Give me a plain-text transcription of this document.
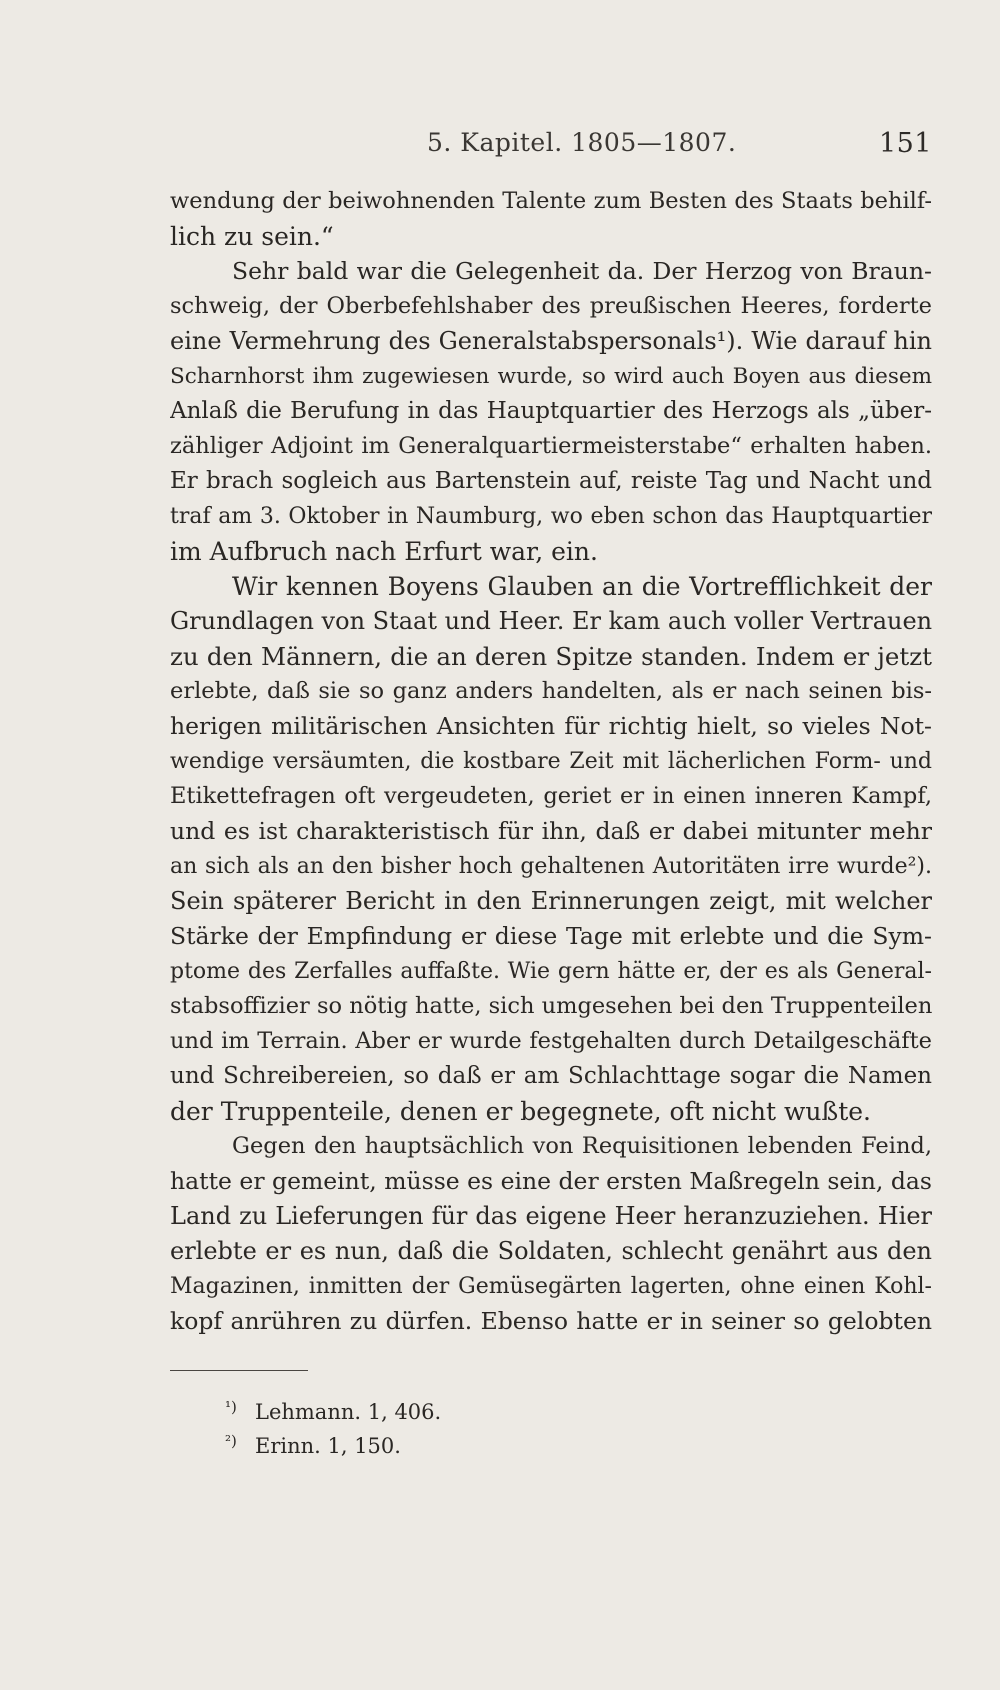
5. Kapitel. 1805—1807.	151
wendung der beiwohnenden Talente zum Besten des Staats behilf-
lich zu sein.“
Sehr bald war die Gelegenheit da. Der Herzog von Braun-
schweig, der Oberbefehlshaber des preußischen Heeres, forderte
eine Vermehrung des Generalstabspersonals¹). Wie darauf hin
Scharnhorst ihm zugewiesen wurde, so wird auch Boyen aus diesem
Anlaß die Berufung in das Hauptquartier des Herzogs als „über-
zähliger Adjoint im Generalquartiermeisterstabe“ erhalten haben.
Er brach sogleich aus Bartenstein auf, reiste Tag und Nacht und
traf am 3. Oktober in Naumburg, wo eben schon das Hauptquartier
im Aufbruch nach Erfurt war, ein.
Wir kennen Boyens Glauben an die Vortrefflichkeit der
Grundlagen von Staat und Heer. Er kam auch voller Vertrauen
zu den Männern, die an deren Spitze standen. Indem er jetzt
erlebte, daß sie so ganz anders handelten, als er nach seinen bis-
herigen militärischen Ansichten für richtig hielt, so vieles Not-
wendige versäumten, die kostbare Zeit mit lächerlichen Form- und
Etikettefragen oft vergeudeten, geriet er in einen inneren Kampf,
und es ist charakteristisch für ihn, daß er dabei mitunter mehr
an sich als an den bisher hoch gehaltenen Autoritäten irre wurde²).
Sein späterer Bericht in den Erinnerungen zeigt, mit welcher
Stärke der Empfindung er diese Tage mit erlebte und die Sym-
ptome des Zerfalles auffaßte. Wie gern hätte er, der es als General-
stabsoffizier so nötig hatte, sich umgesehen bei den Truppenteilen
und im Terrain. Aber er wurde festgehalten durch Detailgeschäfte
und Schreibereien, so daß er am Schlachttage sogar die Namen
der Truppenteile, denen er begegnete, oft nicht wußte.
Gegen den hauptsächlich von Requisitionen lebenden Feind,
hatte er gemeint, müsse es eine der ersten Maßregeln sein, das
Land zu Lieferungen für das eigene Heer heranzuziehen. Hier
erlebte er es nun, daß die Soldaten, schlecht genährt aus den
Magazinen, inmitten der Gemüsegärten lagerten, ohne einen Kohl-
kopf anrühren zu dürfen. Ebenso hatte er in seiner so gelobten
¹) Lehmann. 1, 406.
²) Erinn. 1, 150.
